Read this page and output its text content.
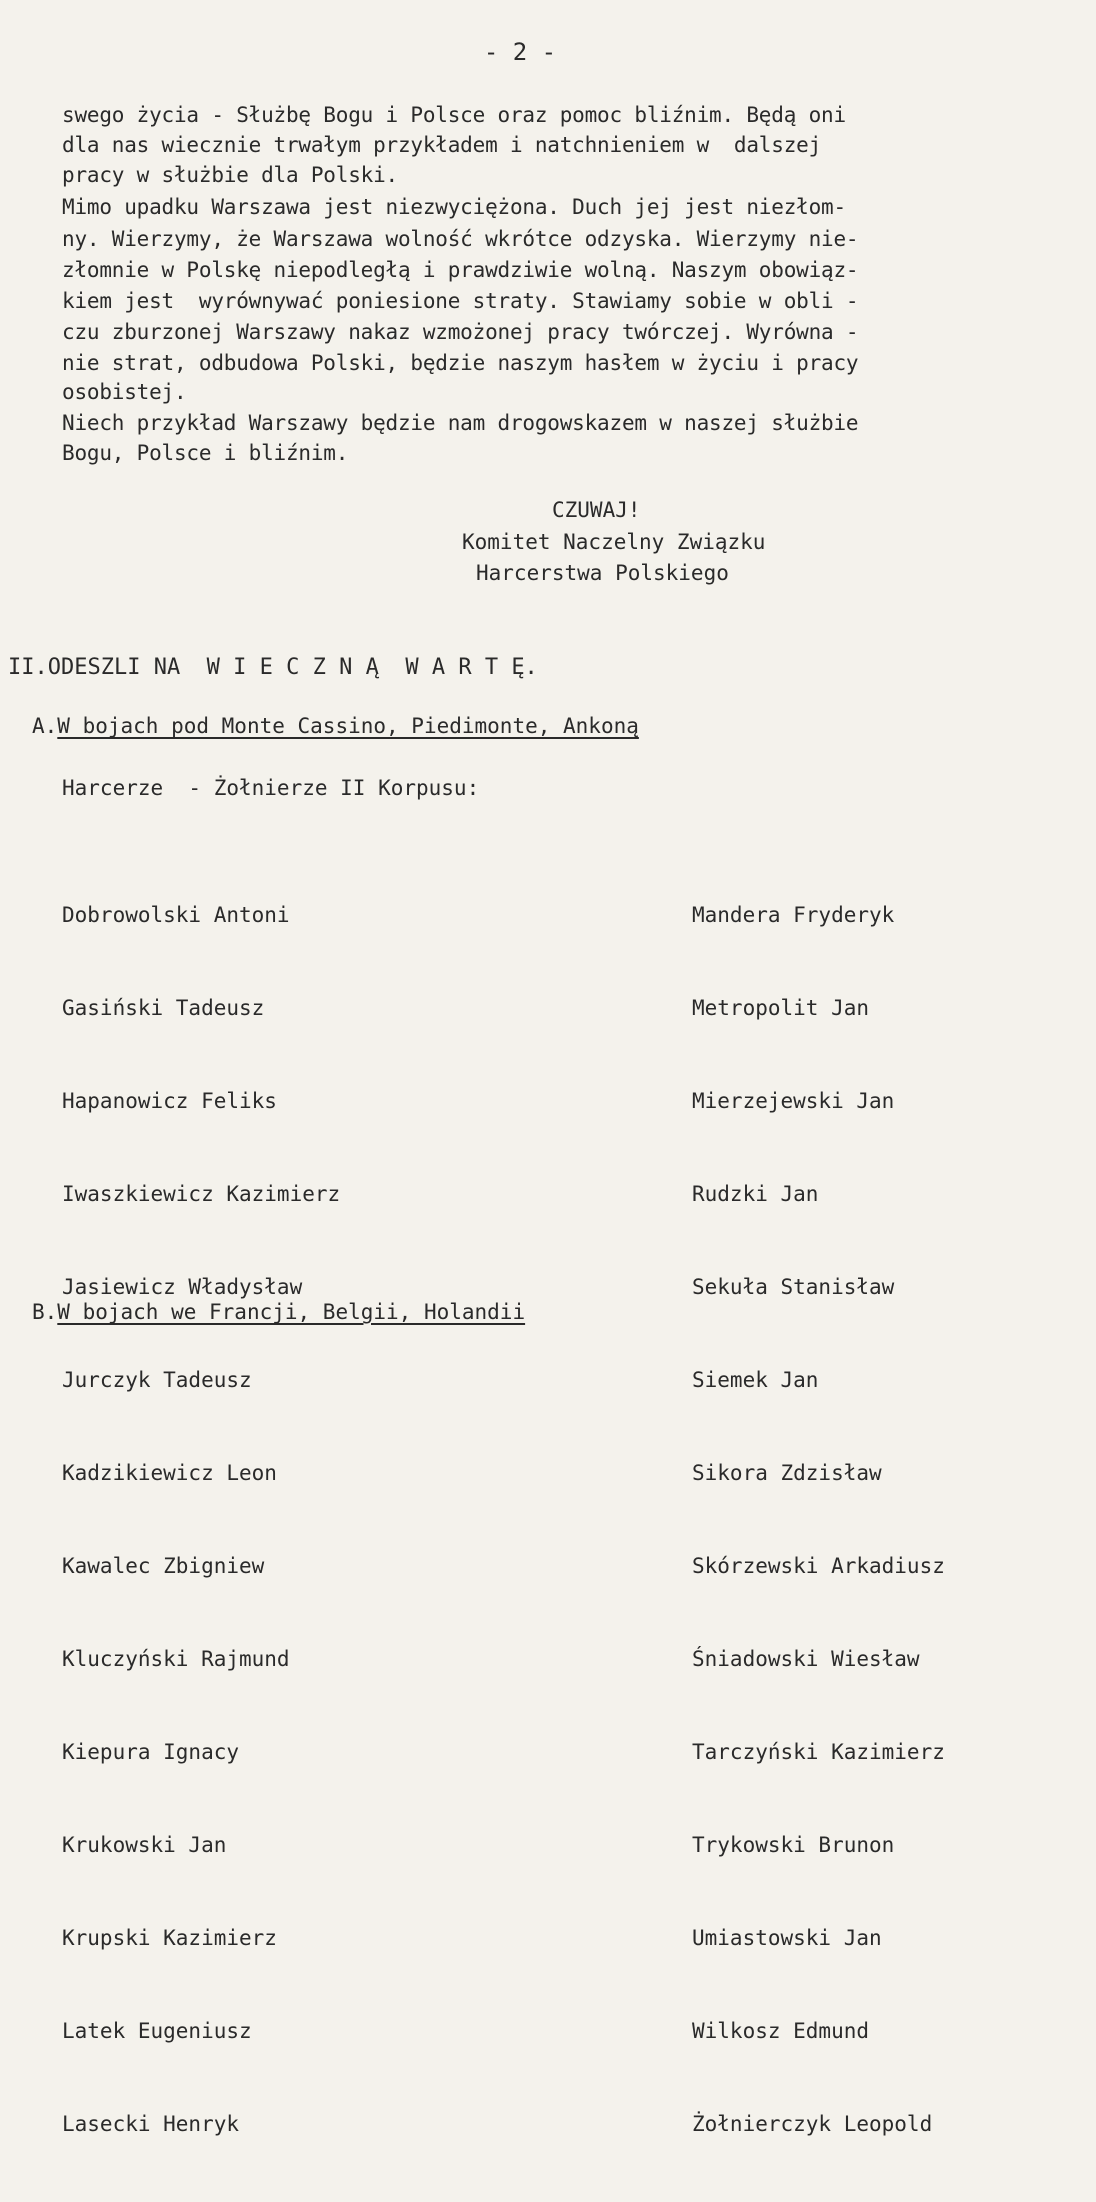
- 2 -
swego życia - Służbę Bogu i Polsce oraz pomoc bliźnim. Będą oni
dla nas wiecznie trwałym przykładem i natchnieniem w  dalszej
pracy w służbie dla Polski.
Mimo upadku Warszawa jest niezwyciężona. Duch jej jest niezłom-
ny. Wierzymy, że Warszawa wolność wkrótce odzyska. Wierzymy nie-
złomnie w Polskę niepodległą i prawdziwie wolną. Naszym obowiąz-
kiem jest  wyrównywać poniesione straty. Stawiamy sobie w obli -
czu zburzonej Warszawy nakaz wzmożonej pracy twórczej. Wyrówna -
nie strat, odbudowa Polski, będzie naszym hasłem w życiu i pracy
osobistej.
Niech przykład Warszawy będzie nam drogowskazem w naszej służbie
Bogu, Polsce i bliźnim.
CZUWAJ!
Komitet Naczelny Związku
Harcerstwa Polskiego
II.ODESZLI NA  W I E C Z N Ą  W A R T Ę.
A.W bojach pod Monte Cassino, Piedimonte, Ankoną
Harcerze  - Żołnierze II Korpusu:

Dobrowolski Antoni

Gasiński Tadeusz

Hapanowicz Feliks

Iwaszkiewicz Kazimierz

Jasiewicz Władysław

Jurczyk Tadeusz

Kadzikiewicz Leon

Kawalec Zbigniew

Kluczyński Rajmund

Kiepura Ignacy

Krukowski Jan

Krupski Kazimierz

Latek Eugeniusz

Lasecki Henryk

Mandera Fryderyk

Metropolit Jan

Mierzejewski Jan

Rudzki Jan

Sekuła Stanisław

Siemek Jan

Sikora Zdzisław

Skórzewski Arkadiusz

Śniadowski Wiesław

Tarczyński Kazimierz

Trykowski Brunon

Umiastowski Jan

Wilkosz Edmund

Żołnierczyk Leopold

B.W bojach we Francji, Belgii, Holandii
